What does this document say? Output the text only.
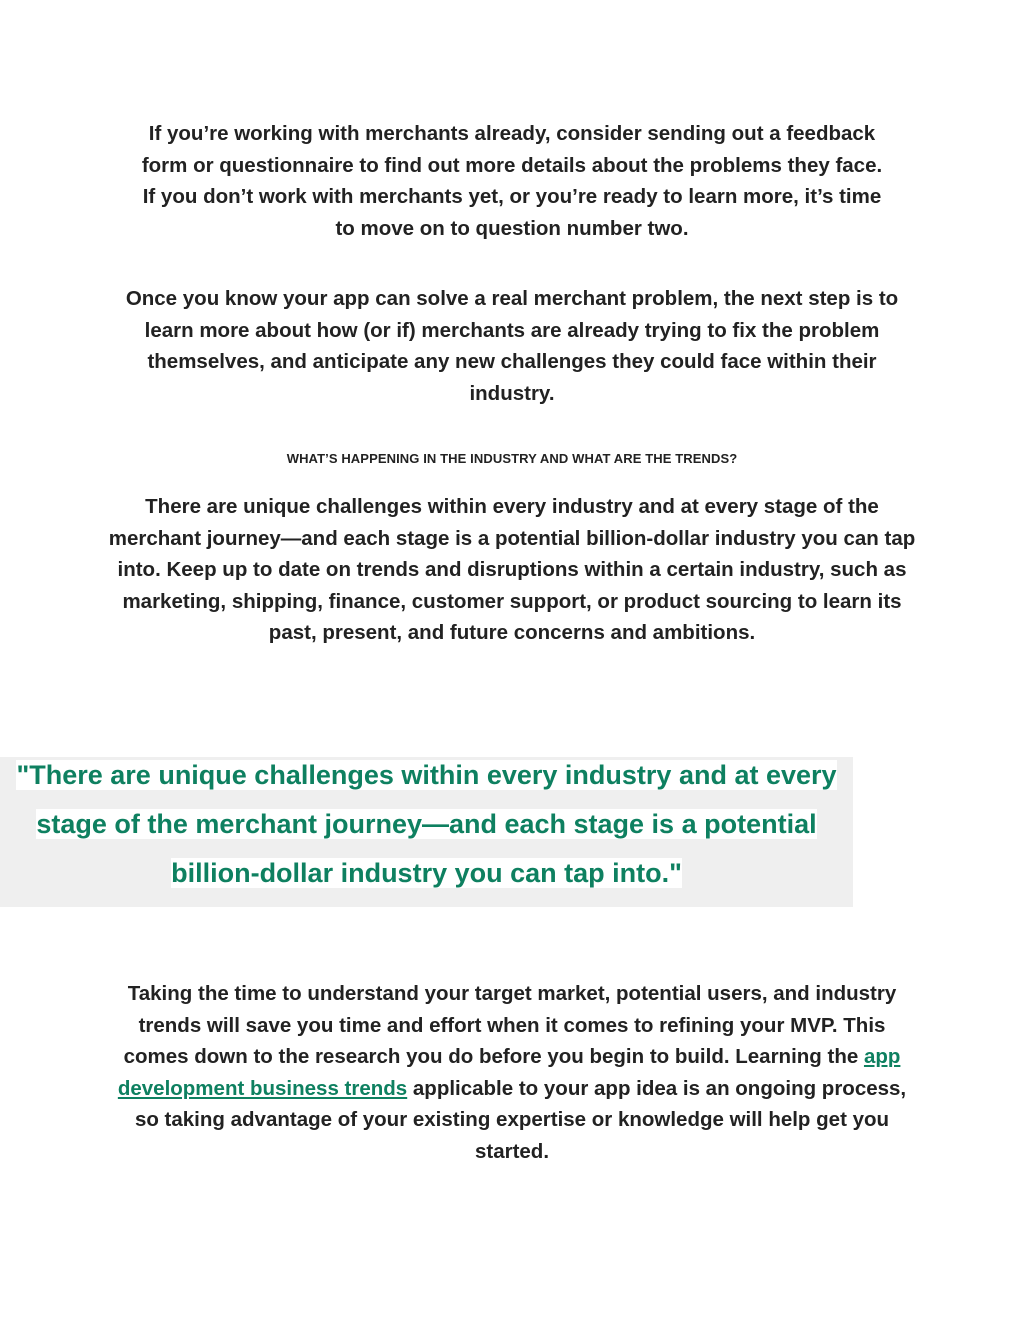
If you’re working with merchants already, consider sending out a feedback form or questionnaire to find out more details about the problems they face. If you don’t work with merchants yet, or you’re ready to learn more, it’s time to move on to question number two.

Once you know your app can solve a real merchant problem, the next step is to learn more about how (or if) merchants are already trying to fix the problem themselves, and anticipate any new challenges they could face within their industry.

WHAT’S HAPPENING IN THE INDUSTRY AND WHAT ARE THE TRENDS?

There are unique challenges within every industry and at every stage of the merchant journey—and each stage is a potential billion-dollar industry you can tap into. Keep up to date on trends and disruptions within a certain industry, such as marketing, shipping, finance, customer support, or product sourcing to learn its past, present, and future concerns and ambitions.

"There are unique challenges within every industry and at every stage of the merchant journey—and each stage is a potential billion-dollar industry you can tap into."

Taking the time to understand your target market, potential users, and industry trends will save you time and effort when it comes to refining your MVP. This comes down to the research you do before you begin to build. Learning the app development business trends applicable to your app idea is an ongoing process, so taking advantage of your existing expertise or knowledge will help get you started.
